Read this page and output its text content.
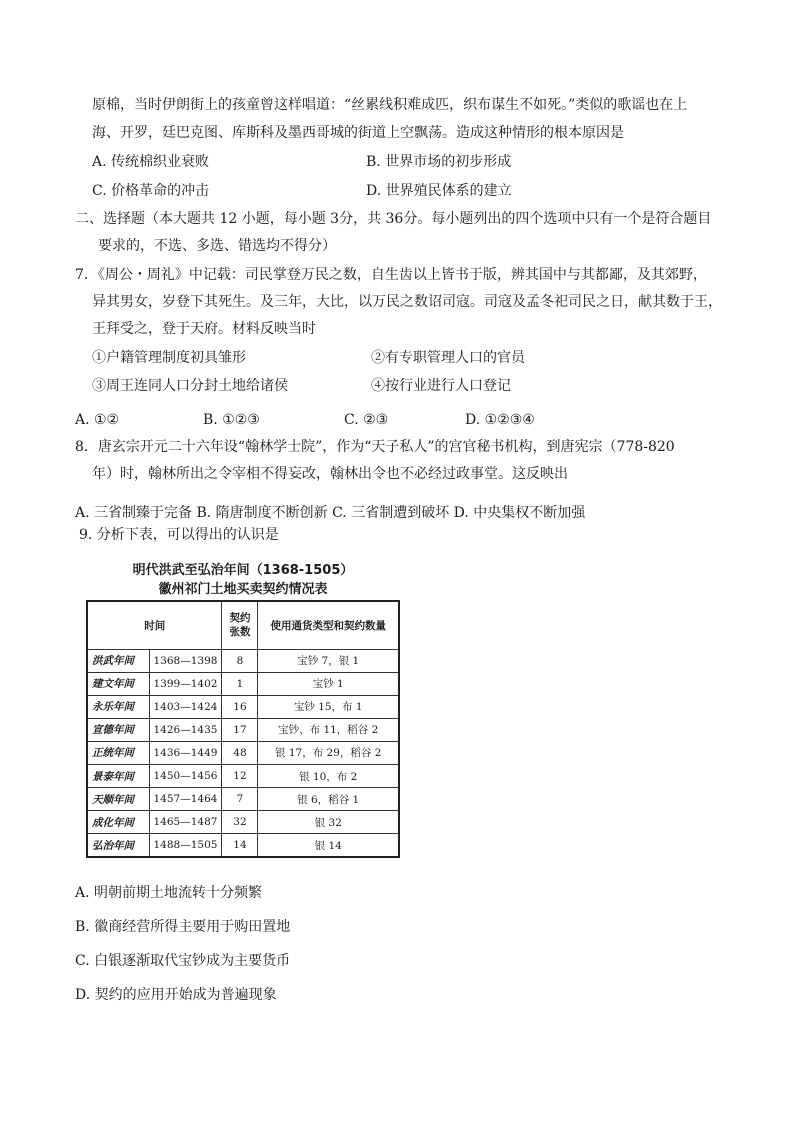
原棉，当时伊朗街上的孩童曾这样唱道：“丝累线积难成匹，织布谋生不如死。”类似的歌谣也在上
海、开罗，廷巴克图、库斯科及墨西哥城的街道上空飘荡。造成这种情形的根本原因是
A. 传统棉织业衰败	B. 世界市场的初步形成
C. 价格革命的冲击	D. 世界殖民体系的建立
二、选择题（本大题共 12 小题，每小题 3分，共 36分。每小题列出的四个选项中只有一个是符合题目
要求的，不选、多选、错选均不得分）
7．《周公・周礼》中记载：司民掌登万民之数，自生齿以上皆书于版，辨其国中与其都鄙，及其郊野，
异其男女，岁登下其死生。及三年，大比，以万民之数诏司寇。司寇及孟冬祀司民之日，献其数于王，
王拜受之，登于天府。材料反映当时
①户籍管理制度初具雏形	②有专职管理人口的官员
③周王连同人口分封土地给诸侯	④按行业进行人口登记
A. ①②	B. ①②③	C. ②③	D. ①②③④
8．唐玄宗开元二十六年设“翰林学士院”，作为“天子私人”的宫官秘书机构，到唐宪宗（778-820
年）时，翰林所出之令宰相不得妄改，翰林出令也不必经过政事堂。这反映出
A. 三省制臻于完备 B. 隋唐制度不断创新 C. 三省制遭到破坏 D. 中央集权不断加强
9. 分析下表，可以得出的认识是
明代洪武至弘治年间（1368-1505）
徽州祁门土地买卖契约情况表
时间		契约张数	使用通货类型和契约数量
洪武年间	1368—1398	8	宝钞 7，银 1
建文年间	1399—1402	1	宝钞 1
永乐年间	1403—1424	16	宝钞 15，布 1
宣德年间	1426—1435	17	宝钞、布 11，稻谷 2
正统年间	1436—1449	48	银 17，布 29，稻谷 2
景泰年间	1450—1456	12	银 10，布 2
天顺年间	1457—1464	7	银 6，稻谷 1
成化年间	1465—1487	32	银 32
弘治年间	1488—1505	14	银 14
A. 明朝前期土地流转十分频繁
B. 徽商经营所得主要用于购田置地
C. 白银逐渐取代宝钞成为主要货币
D. 契约的应用开始成为普遍现象
